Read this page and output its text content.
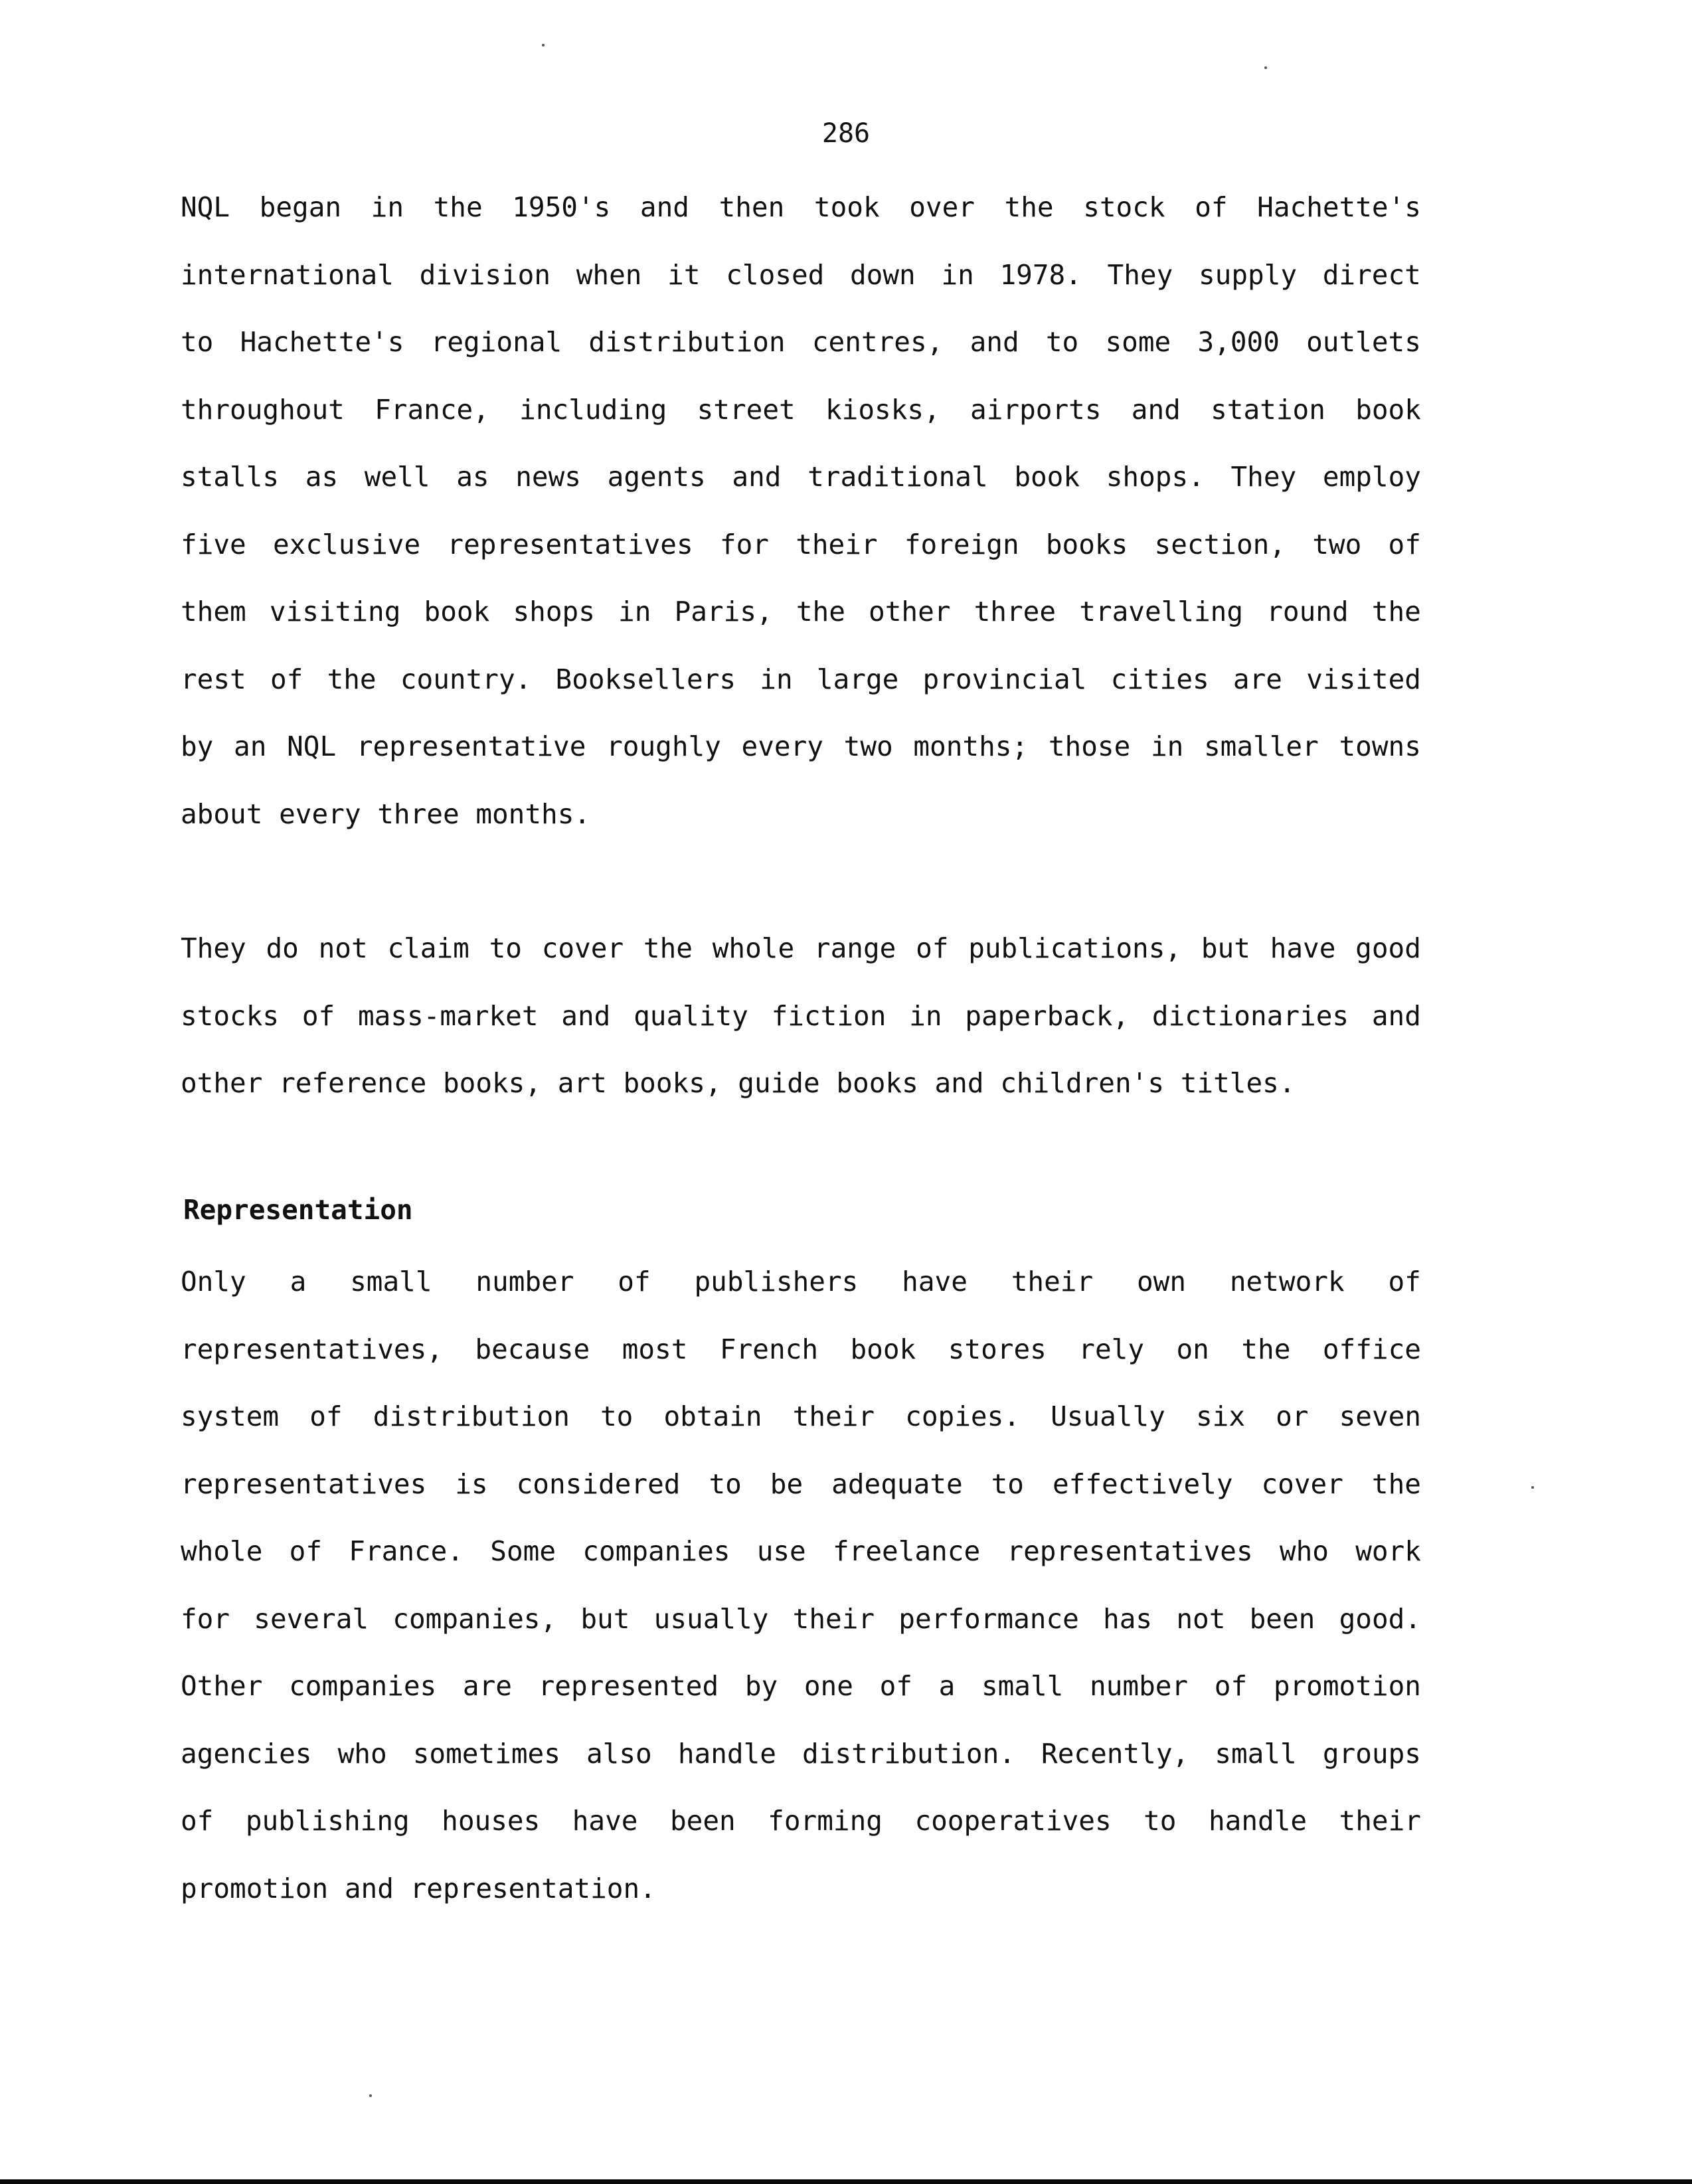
286
NQL began in the 1950's and then took over the stock of Hachette's
international division when it closed down in 1978. They supply direct
to Hachette's regional distribution centres, and to some 3,000 outlets
throughout France, including street kiosks, airports and station book
stalls as well as news agents and traditional book shops. They employ
five exclusive representatives for their foreign books section, two of
them visiting book shops in Paris, the other three travelling round the
rest of the country. Booksellers in large provincial cities are visited
by an NQL representative roughly every two months; those in smaller towns
about every three months.
They do not claim to cover the whole range of publications, but have good
stocks of mass-market and quality fiction in paperback, dictionaries and
other reference books, art books, guide books and children's titles.
Representation
Only a small number of publishers have their own network of
representatives, because most French book stores rely on the office
system of distribution to obtain their copies. Usually six or seven
representatives is considered to be adequate to effectively cover the
whole of France. Some companies use freelance representatives who work
for several companies, but usually their performance has not been good.
Other companies are represented by one of a small number of promotion
agencies who sometimes also handle distribution. Recently, small groups
of publishing houses have been forming cooperatives to handle their
promotion and representation.
